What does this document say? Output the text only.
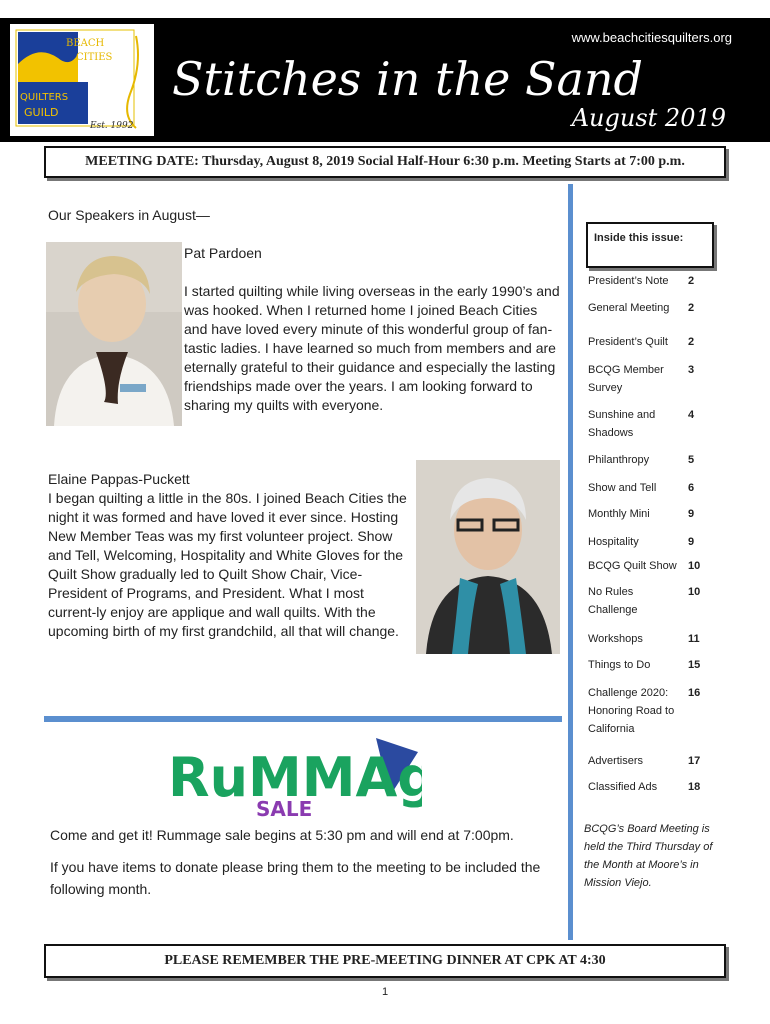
BEACH
CITIES
QUILTERS
GUILD
Est. 1992
www.beachcitiesquilters.org
Stitches in the Sand
August 2019
MEETING DATE: Thursday, August 8, 2019 Social Half-Hour 6:30 p.m. Meeting Starts at 7:00 p.m.
Our Speakers in August—
Pat Pardoen
I started quilting while living overseas in the early 1990’s and was hooked. When I returned home I joined Beach Cities and have loved every minute of this wonderful group of fan-tastic ladies. I have learned so much from members and are eternally grateful to their guidance and especially the lasting friendships made over the years. I am looking forward to sharing my quilts with everyone.
Elaine Pappas-Puckett
I began quilting a little in the 80s. I joined Beach Cities the night it was formed and have loved it ever since. Hosting New Member Teas was my first volunteer project. Show and Tell, Welcoming, Hospitality and White Gloves for the Quilt Show gradually led to Quilt Show Chair, Vice-President of Programs, and President. What I most current-ly enjoy are applique and wall quilts. With the upcoming birth of my first grandchild, all that will change.
RuMMAg
SALE
Come and get it! Rummage sale begins at 5:30 pm and will end at 7:00pm.
If you have items to donate please bring them to the meeting to be included the following month.
Inside this issue:
President’s Note	2
General Meeting	2
President’s Quilt	2
BCQG Member Survey
3
Sunshine and Shadows
4
Philanthropy	5
Show and Tell	6
Monthly Mini	9
Hospitality	9
BCQG Quilt Show	10
No Rules Challenge
10
Workshops	11
Things to Do	15
Challenge 2020: Honoring Road to California
16
Advertisers	17
Classified Ads	18
BCQG’s Board Meeting is held the Third Thursday of the Month at Moore’s in Mission Viejo.
PLEASE REMEMBER THE PRE-MEETING DINNER AT CPK AT 4:30
1
